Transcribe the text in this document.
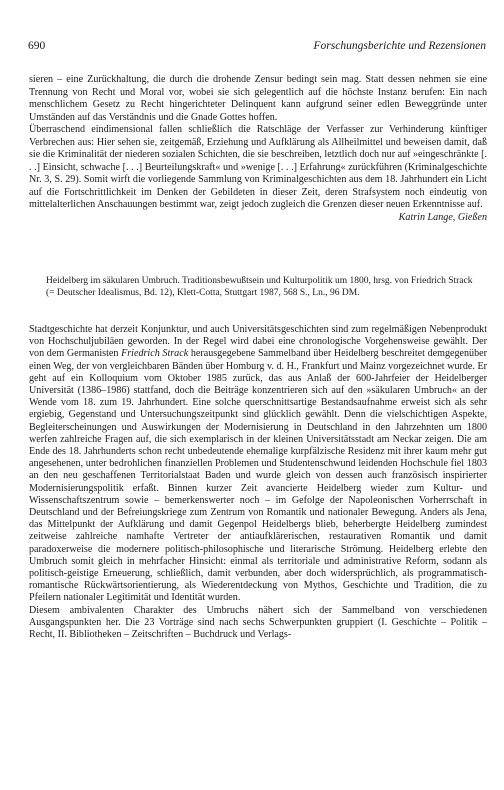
690	Forschungsberichte und Rezensionen

sieren – eine Zurückhaltung, die durch die drohende Zensur bedingt sein mag. Statt dessen nehmen sie eine Trennung von Recht und Moral vor, wobei sie sich gelegentlich auf die höchste Instanz berufen: Ein nach menschlichem Gesetz zu Recht hingerichteter Delinquent kann aufgrund seiner edlen Beweggründe unter Umständen auf das Verständnis und die Gnade Gottes hoffen.

Überraschend eindimensional fallen schließlich die Ratschläge der Verfasser zur Verhinderung künftiger Verbrechen aus: Hier sehen sie, zeitgemäß, Erziehung und Aufklärung als Allheilmittel und beweisen damit, daß sie die Kriminalität der niederen sozialen Schichten, die sie beschreiben, letztlich doch nur auf »eingeschränkte [. . .] Einsicht, schwache [. . .] Beurteilungskraft« und »wenige [. . .] Erfahrung« zurückführen (Kriminalgeschichte Nr. 3, S. 29). Somit wirft die vorliegende Sammlung von Kriminalgeschichten aus dem 18. Jahrhundert ein Licht auf die Fortschrittlichkeit im Denken der Gebildeten in dieser Zeit, deren Strafsystem noch eindeutig von mittelalterlichen Anschauungen bestimmt war, zeigt jedoch zugleich die Grenzen dieser neuen Erkenntnisse auf.
Katrin Lange, Gießen

Heidelberg im säkularen Umbruch. Traditionsbewußtsein und Kulturpolitik um 1800, hrsg. von Friedrich Strack (= Deutscher Idealismus, Bd. 12), Klett-Cotta, Stuttgart 1987, 568 S., Ln., 96 DM.

Stadtgeschichte hat derzeit Konjunktur, und auch Universitätsgeschichten sind zum regelmäßigen Nebenprodukt von Hochschuljubiläen geworden. In der Regel wird dabei eine chronologische Vorgehensweise gewählt. Der von dem Germanisten Friedrich Strack herausgegebene Sammelband über Heidelberg beschreitet demgegenüber einen Weg, der von vergleichbaren Bänden über Homburg v. d. H., Frankfurt und Mainz vorgezeichnet wurde. Er geht auf ein Kolloquium vom Oktober 1985 zurück, das aus Anlaß der 600-Jahrfeier der Heidelberger Universität (1386–1986) stattfand, doch die Beiträge konzentrieren sich auf den »säkularen Umbruch« an der Wende vom 18. zum 19. Jahrhundert. Eine solche querschnittsartige Bestandsaufnahme erweist sich als sehr ergiebig, Gegenstand und Untersuchungszeitpunkt sind glücklich gewählt. Denn die vielschichtigen Aspekte, Begleiterscheinungen und Auswirkungen der Modernisierung in Deutschland in den Jahrzehnten um 1800 werfen zahlreiche Fragen auf, die sich exemplarisch in der kleinen Universitätsstadt am Neckar zeigen. Die am Ende des 18. Jahrhunderts schon recht unbedeutende ehemalige kurpfälzische Residenz mit ihrer kaum mehr gut angesehenen, unter bedrohlichen finanziellen Problemen und Studentenschwund leidenden Hochschule fiel 1803 an den neu geschaffenen Territorialstaat Baden und wurde gleich von dessen auch französisch inspirierter Modernisierungspolitik erfaßt. Binnen kurzer Zeit avancierte Heidelberg wieder zum Kultur- und Wissenschaftszentrum sowie – bemerkenswerter noch – im Gefolge der Napoleonischen Vorherrschaft in Deutschland und der Befreiungskriege zum Zentrum von Romantik und nationaler Bewegung. Anders als Jena, das Mittelpunkt der Aufklärung und damit Gegenpol Heidelbergs blieb, beherbergte Heidelberg zumindest zeitweise zahlreiche namhafte Vertreter der antiaufklärerischen, restaurativen Romantik und damit paradoxerweise die modernere politisch-philosophische und literarische Strömung. Heidelberg erlebte den Umbruch somit gleich in mehrfacher Hinsicht: einmal als territoriale und administrative Reform, sodann als politisch-geistige Erneuerung, schließlich, damit verbunden, aber doch widersprüchlich, als programmatisch-romantische Rückwärtsorientierung, als Wiederentdeckung von Mythos, Geschichte und Tradition, die zu Pfeilern nationaler Legitimität und Identität wurden.

Diesem ambivalenten Charakter des Umbruchs nähert sich der Sammelband von verschiedenen Ausgangspunkten her. Die 23 Vorträge sind nach sechs Schwerpunkten gruppiert (I. Geschichte – Politik – Recht, II. Bibliotheken – Zeitschriften – Buchdruck und Verlags-
